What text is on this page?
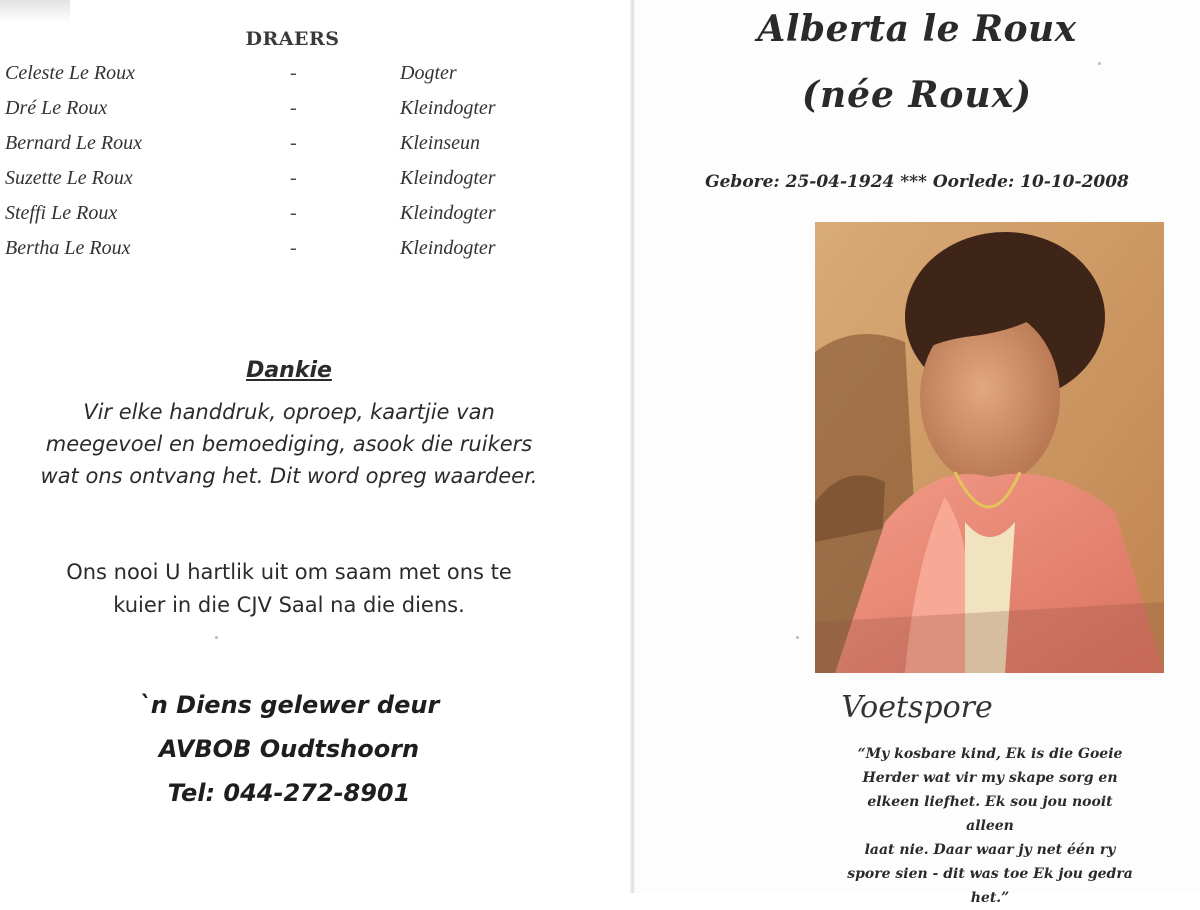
DRAERS
Celeste Le Roux	-	Dogter
Dré Le Roux	-	Kleindogter
Bernard Le Roux	-	Kleinseun
Suzette Le Roux	-	Kleindogter
Steffi Le Roux	-	Kleindogter
Bertha Le Roux	-	Kleindogter
Dankie
Vir elke handdruk, oproep, kaartjie van
meegevoel en bemoediging, asook die ruikers
wat ons ontvang het. Dit word opreg waardeer.
Ons nooi U hartlik uit om saam met ons te
kuier in die CJV Saal na die diens.
`n Diens gelewer deur
AVBOB Oudtshoorn
Tel: 044-272-8901
Alberta le Roux
(née Roux)
Gebore: 25-04-1924 *** Oorlede: 10-10-2008
Voetspore
“My kosbare kind, Ek is die Goeie
Herder wat vir my skape sorg en
elkeen liefhet. Ek sou jou nooit alleen
laat nie. Daar waar jy net één ry
spore sien - dit was toe Ek jou gedra
het.”
